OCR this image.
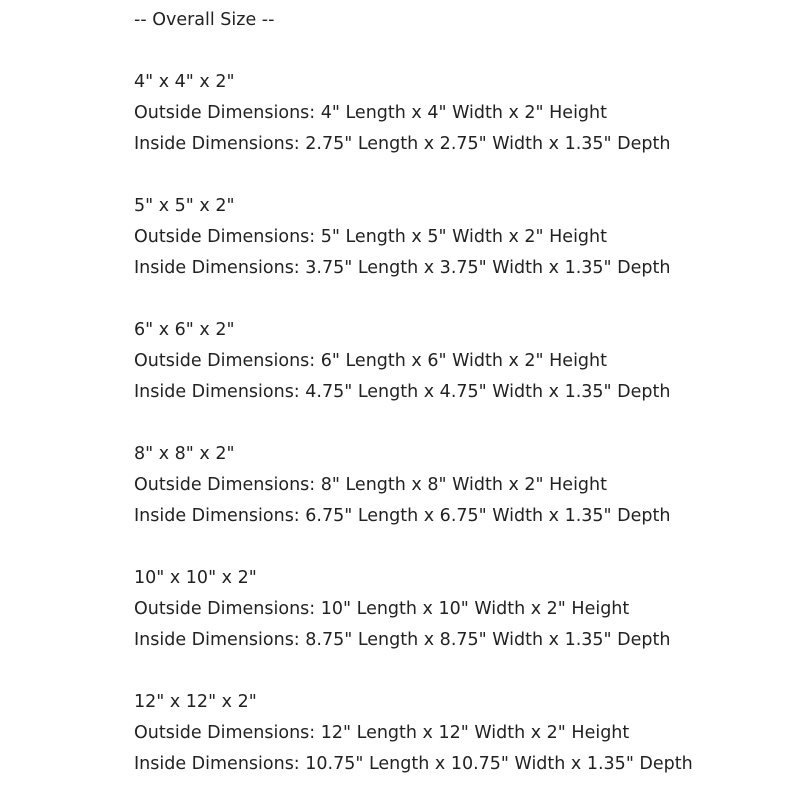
-- Overall Size --
4" x 4" x 2"
Outside Dimensions: 4" Length x 4" Width x 2" Height
Inside Dimensions: 2.75" Length x 2.75" Width x 1.35" Depth
5" x 5" x 2"
Outside Dimensions: 5" Length x 5" Width x 2" Height
Inside Dimensions: 3.75" Length x 3.75" Width x 1.35" Depth
6" x 6" x 2"
Outside Dimensions: 6" Length x 6" Width x 2" Height
Inside Dimensions: 4.75" Length x 4.75" Width x 1.35" Depth
8" x 8" x 2"
Outside Dimensions: 8" Length x 8" Width x 2" Height
Inside Dimensions: 6.75" Length x 6.75" Width x 1.35" Depth
10" x 10" x 2"
Outside Dimensions: 10" Length x 10" Width x 2" Height
Inside Dimensions: 8.75" Length x 8.75" Width x 1.35" Depth
12" x 12" x 2"
Outside Dimensions: 12" Length x 12" Width x 2" Height
Inside Dimensions: 10.75" Length x 10.75" Width x 1.35" Depth
